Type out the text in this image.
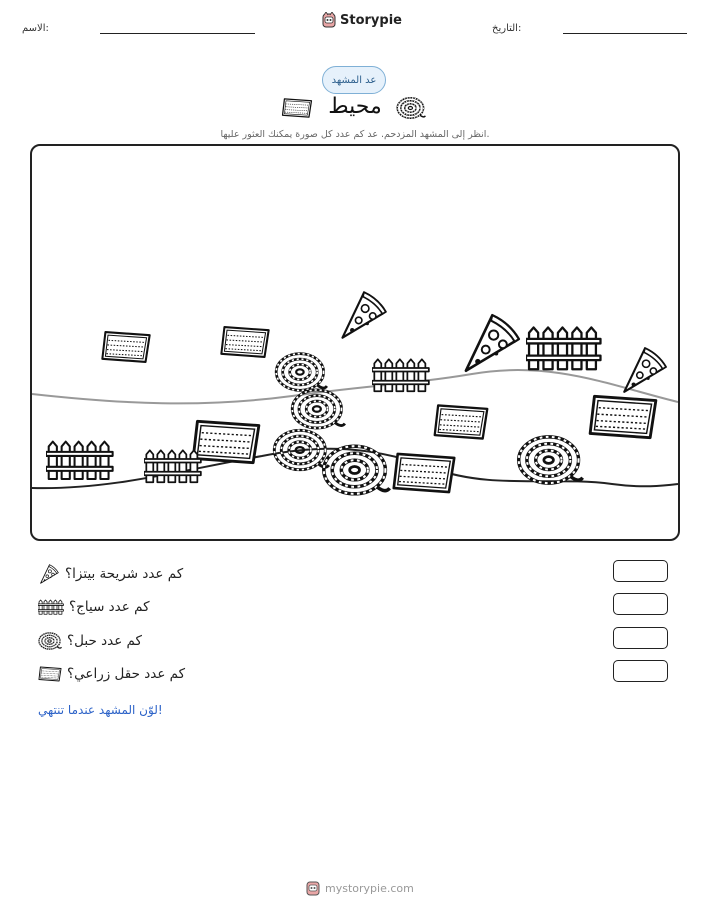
الاسم:
Storypie
التاريخ:
عد المشهد
محيط
انظر إلى المشهد المزدحم. عد كم عدد كل صورة يمكنك العثور عليها.
كم عدد شريحة بيتزا؟
كم عدد سياج؟
كم عدد حبل؟
كم عدد حقل زراعي؟
لوّن المشهد عندما تنتهي!
mystorypie.com
